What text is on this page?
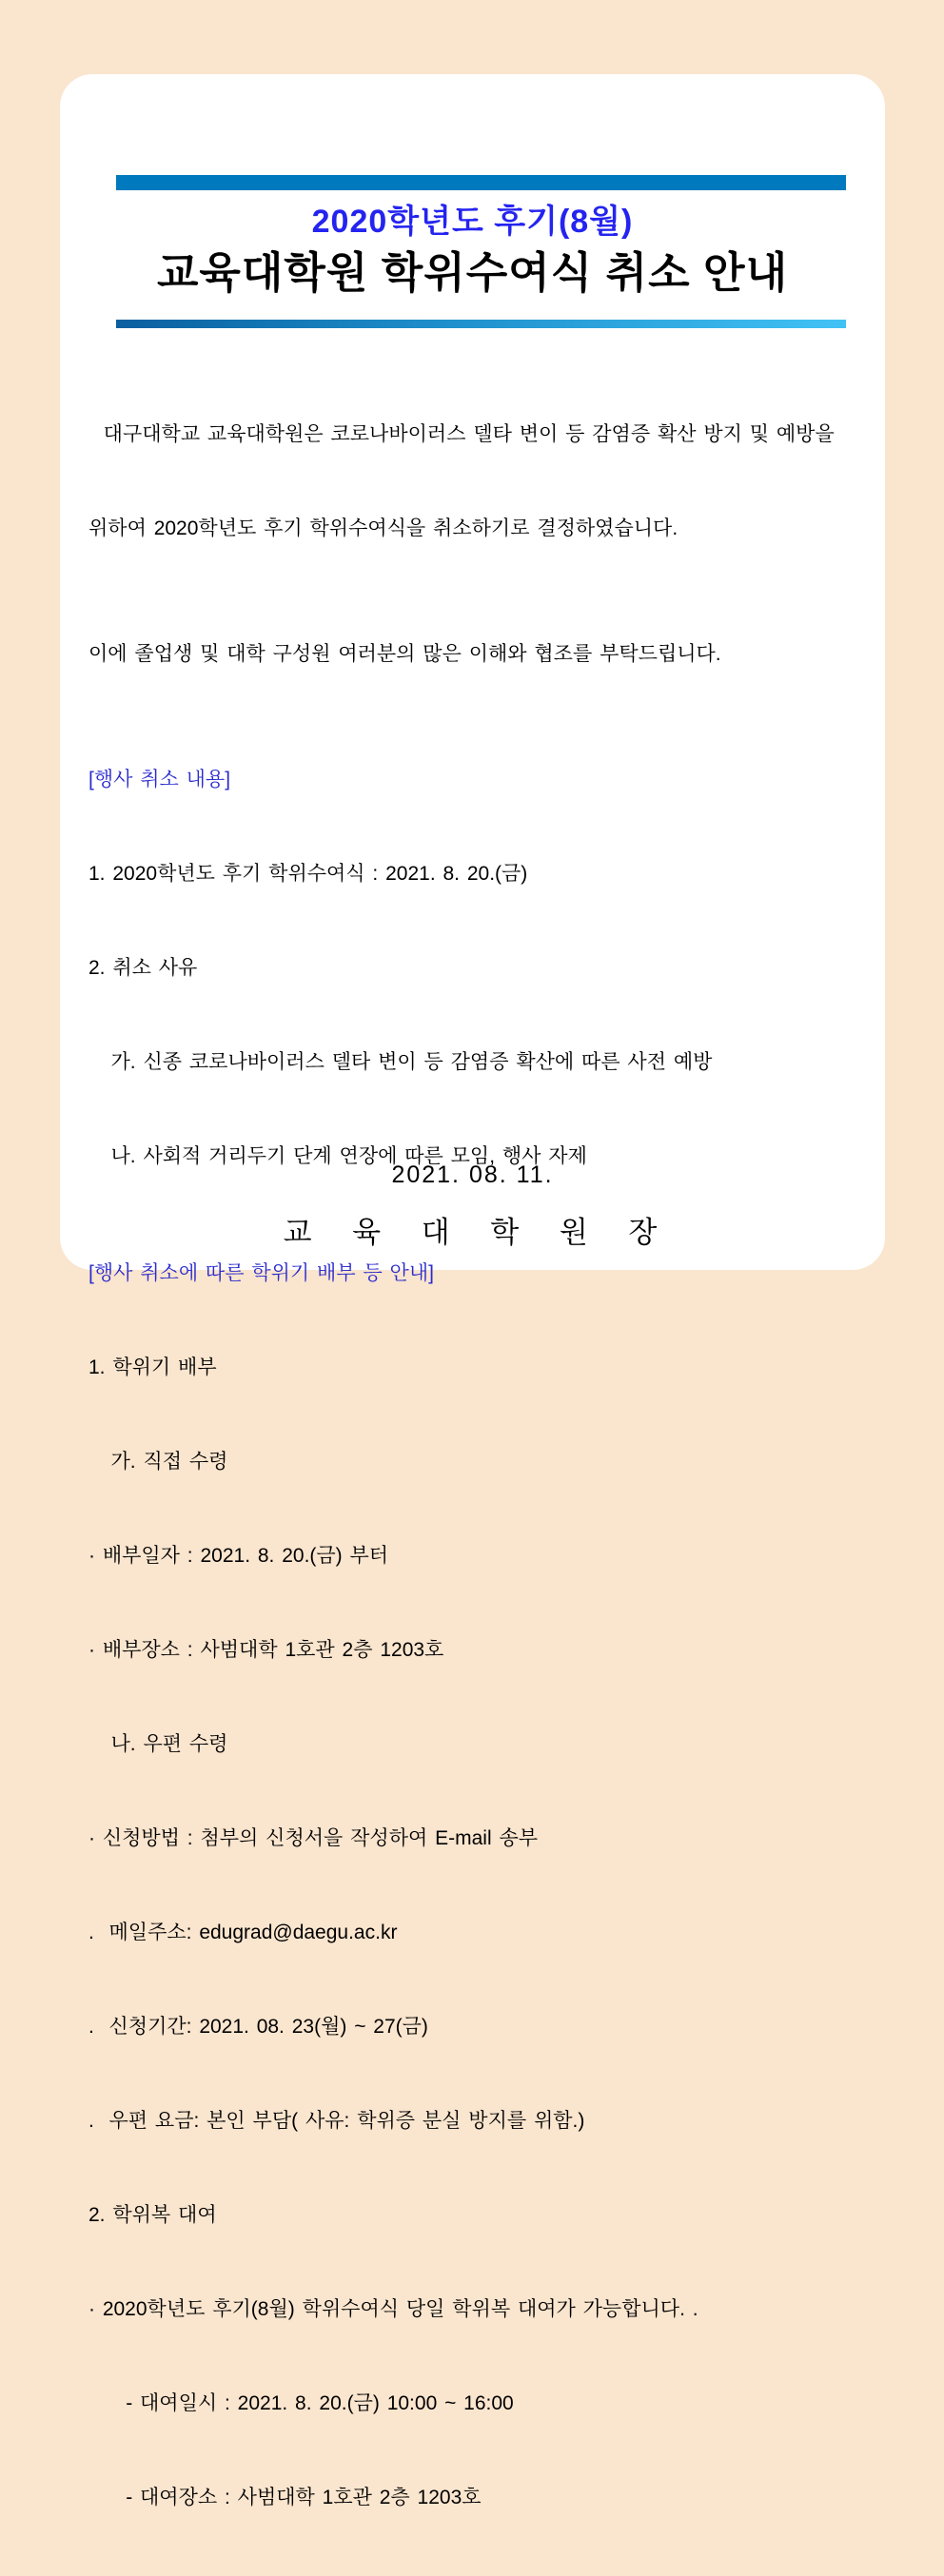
2020학년도 후기(8월)
교육대학원 학위수여식 취소 안내

대구대학교 교육대학원은 코로나바이러스 델타 변이 등 감염증 확산 방지 및 예방을

위하여 2020학년도 후기 학위수여식을 취소하기로 결정하였습니다.

이에 졸업생 및 대학 구성원 여러분의 많은 이해와 협조를 부탁드립니다.

[행사 취소 내용]

1. 2020학년도 후기 학위수여식 : 2021. 8. 20.(금)

2. 취소 사유

가. 신종 코로나바이러스 델타 변이 등 감염증 확산에 따른 사전 예방

나. 사회적 거리두기 단계 연장에 따른 모임, 행사 자제

[행사 취소에 따른 학위기 배부 등 안내]

1. 학위기 배부

가. 직접 수령

· 배부일자 : 2021. 8. 20.(금) 부터

· 배부장소 : 사범대학 1호관 2층 1203호

나. 우편 수령

· 신청방법 : 첨부의 신청서을 작성하여 E-mail 송부

.  메일주소: edugrad@daegu.ac.kr

.  신청기간: 2021. 08. 23(월) ~ 27(금)

.  우편 요금: 본인 부담( 사유: 학위증 분실 방지를 위함.)

2. 학위복 대여

· 2020학년도 후기(8월) 학위수여식 당일 학위복 대여가 가능합니다. .

- 대여일시 : 2021. 8. 20.(금) 10:00 ~ 16:00

- 대여장소 : 사범대학 1호관 2층 1203호

2021. 08. 11.
교 육 대 학 원 장
